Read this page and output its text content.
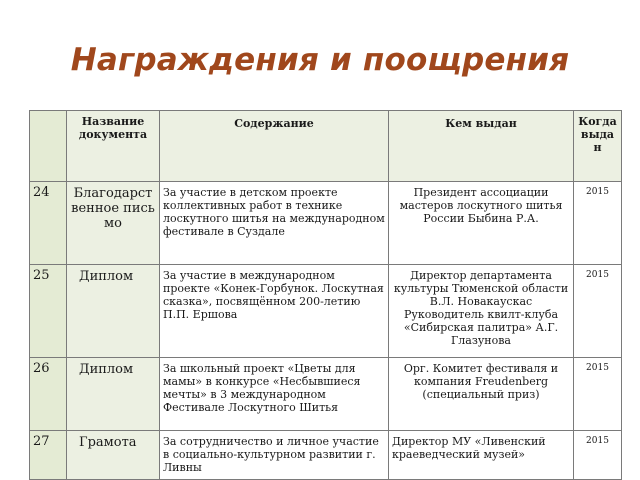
Награждения и поощрения
	Название документа	Содержание	Кем выдан	Когда выдан
24	Благодарственное письмо	За участие в детском проекте коллективных работ в технике лоскутного шитья на международном фестивале в Суздале	Президент ассоциации мастеров лоскутного шитья России Быбина Р.А.	2015
25	Диплом	За участие в международном проекте «Конек-Горбунок. Лоскутная сказка», посвящённом 200-летию П.П. Ершова	Директор департамента культуры Тюменской области В.Л. Новакаускас Руководитель квилт-клуба «Сибирская палитра» А.Г. Глазунова	2015
26	Диплом	За школьный проект «Цветы для мамы» в конкурсе «Несбывшиеся мечты» в 3 международном Фестивале Лоскутного Шитья	Орг. Комитет фестиваля и компания Freudenberg (специальный приз)	2015
27	Грамота	За сотрудничество и личное участие в социально-культурном развитии г. Ливны	Директор МУ «Ливенский краеведческий музей»	2015
